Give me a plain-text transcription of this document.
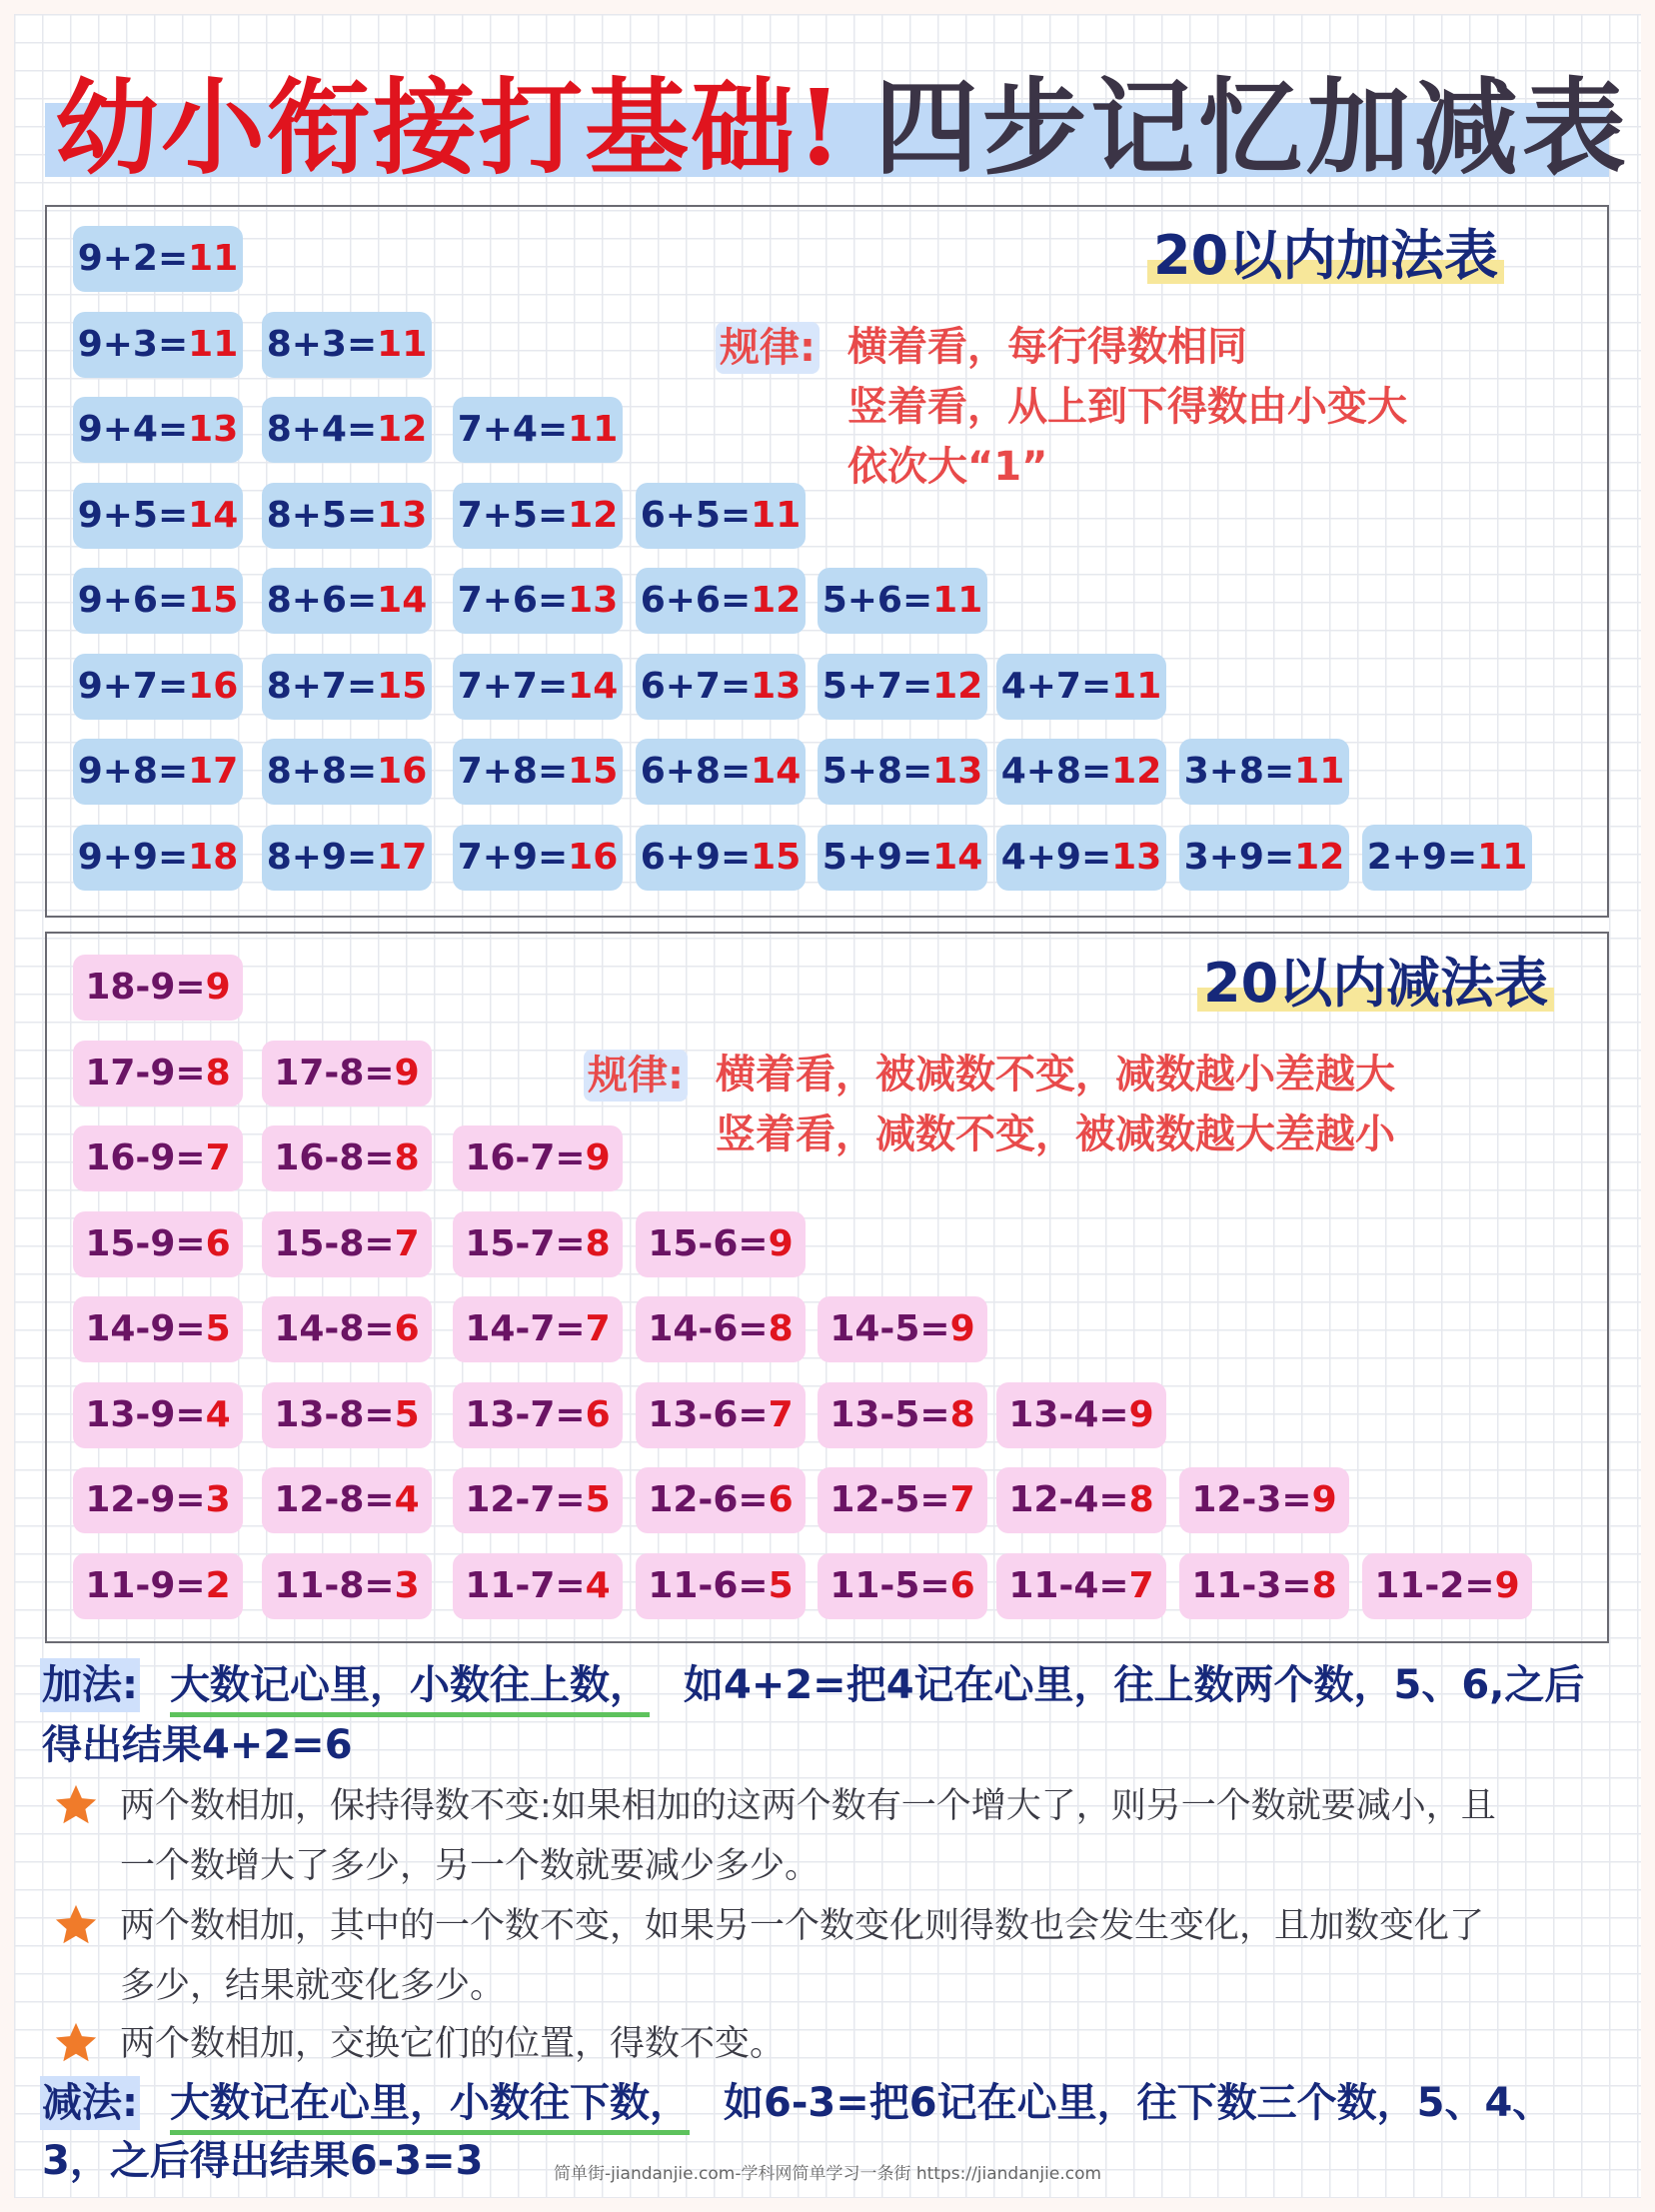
幼小衔接打基础! 四步记忆加减表
20以内加法表
规律: 横着看，每行得数相同
竖着看，从上到下得数由小变大
依次大“1”
9+2=11
9+3=11 8+3=11
9+4=13 8+4=12 7+4=11
9+5=14 8+5=13 7+5=12 6+5=11
9+6=15 8+6=14 7+6=13 6+6=12 5+6=11
9+7=16 8+7=15 7+7=14 6+7=13 5+7=12 4+7=11
9+8=17 8+8=16 7+8=15 6+8=14 5+8=13 4+8=12 3+8=11
9+9=18 8+9=17 7+9=16 6+9=15 5+9=14 4+9=13 3+9=12 2+9=11
20以内减法表
规律: 横着看，被减数不变，减数越小差越大
竖着看，减数不变，被减数越大差越小
18-9=9
17-9=8	17-8=9
16-9=7	16-8=8	16-7=9
15-9=6	15-8=7	15-7=8	15-6=9
14-9=5	14-8=6	14-7=7	14-6=8	14-5=9
13-9=4	13-8=5	13-7=6	13-6=7	13-5=8 13-4=9
12-9=3	12-8=4	12-7=5	12-6=6	12-5=7 12-4=8	12-3=9
11-9=2	11-8=3	11-7=4	11-6=5	11-5=6 11-4=7	11-3=8	11-2=9
加法: 大数记心里，小数往上数， 如4+2=把4记在心里，往上数两个数，5、6,之后
得出结果4+2=6
两个数相加，保持得数不变:如果相加的这两个数有一个增大了，则另一个数就要减小，且
一个数增大了多少，另一个数就要减少多少。
两个数相加，其中的一个数不变，如果另一个数变化则得数也会发生变化，且加数变化了
多少，结果就变化多少。
两个数相加，交换它们的位置，得数不变。
减法: 大数记在心里，小数往下数， 如6-3=把6记在心里，往下数三个数，5、4、
3，之后得出结果6-3=3	简单街-jiandanjie.com-学科网简单学习一条街 https://jiandanjie.com
